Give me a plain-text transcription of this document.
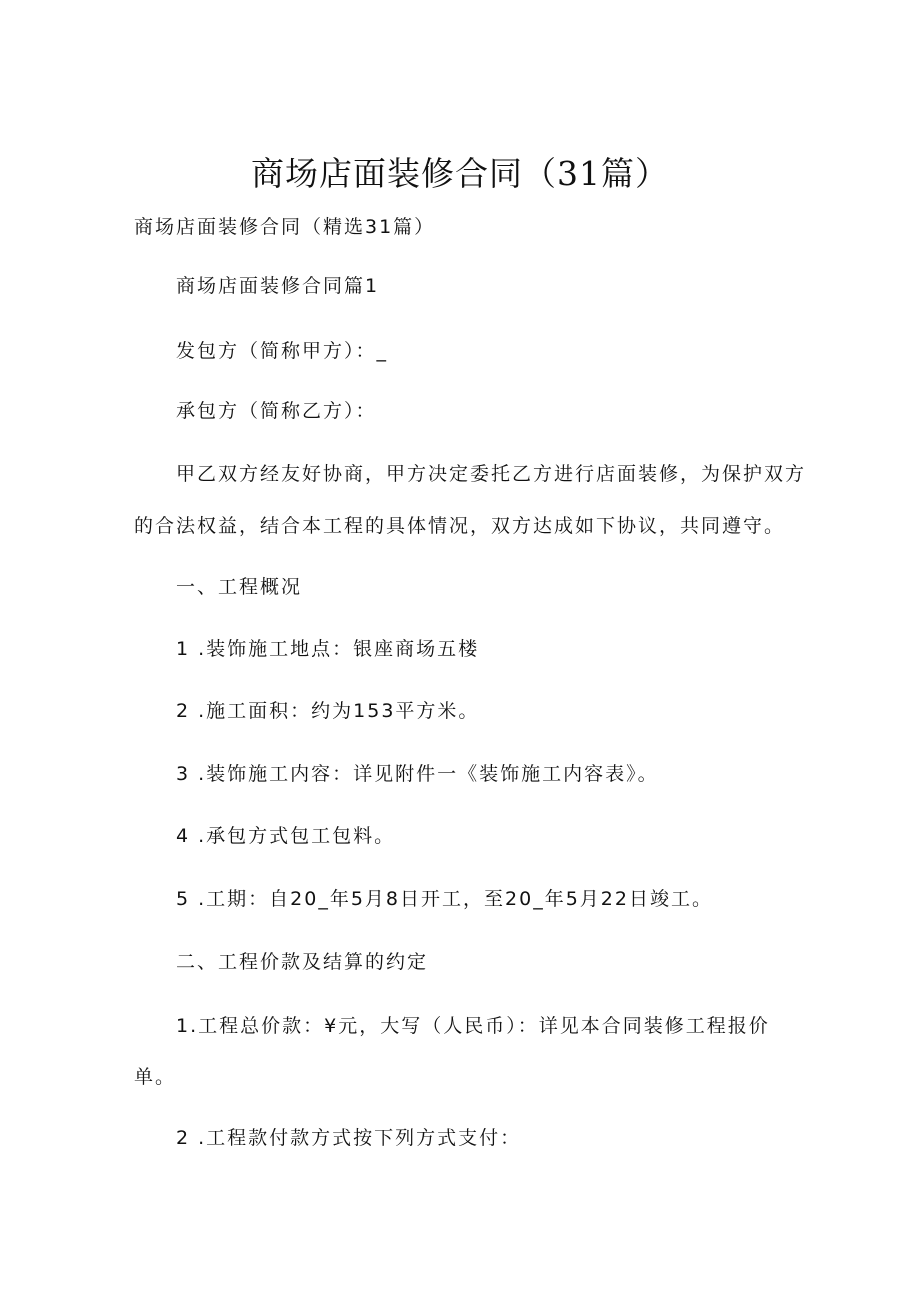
商场店面装修合同（31篇）
商场店面装修合同（精选31篇）
商场店面装修合同篇1
发包方（简称甲方）：_
承包方（简称乙方）：
甲乙双方经友好协商，甲方决定委托乙方进行店面装修，为保护双方
的合法权益，结合本工程的具体情况，双方达成如下协议，共同遵守。
一、工程概况
1 .装饰施工地点：银座商场五楼
2 .施工面积：约为153平方米。
3 .装饰施工内容：详见附件一《装饰施工内容表》。
4 .承包方式包工包料。
5 .工期：自20_年5月8日开工，至20_年5月22日竣工。
二、工程价款及结算的约定
1.工程总价款：¥元，大写（人民币）：详见本合同装修工程报价
单。
2 .工程款付款方式按下列方式支付：
